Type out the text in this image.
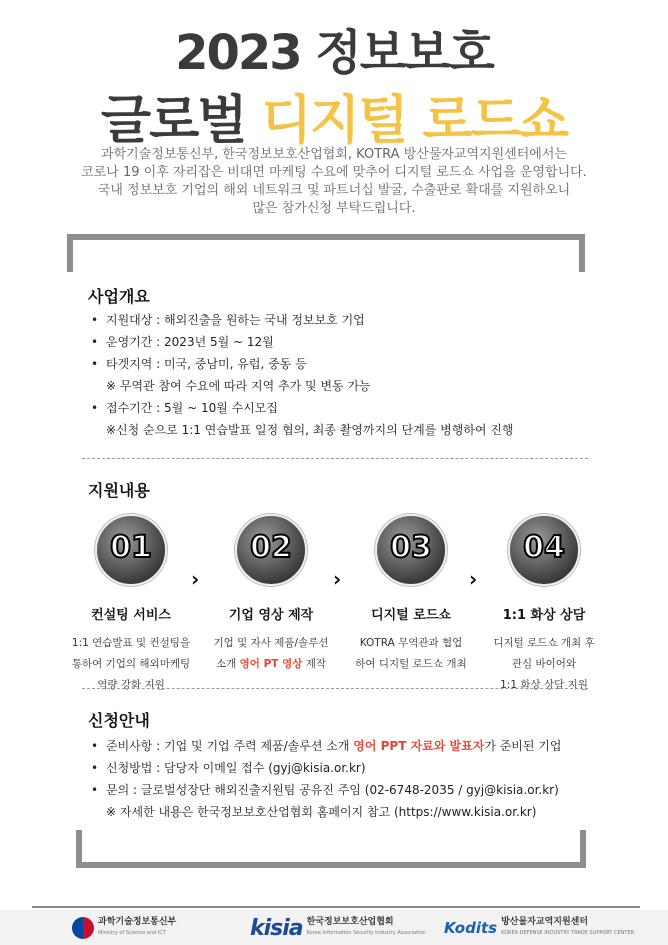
2023 정보보호
글로벌 디지털 로드쇼

과학기술정보통신부, 한국정보보호산업협회, KOTRA 방산물자교역지원센터에서는

코로나 19 이후 자리잡은 비대면 마케팅 수요에 맞추어 디지털 로드쇼 사업을 운영합니다.

국내 정보보호 기업의 해외 네트워크 및 파트너십 발굴, 수출판로 확대를 지원하오니

많은 참가신청 부탁드립니다.

사업개요
• 지원대상 : 해외진출을 원하는 국내 정보보호 기업
• 운영기간 : 2023년 5월 ~ 12월
• 타겟지역 : 미국, 중남미, 유럽, 중동 등
※ 무역관 참여 수요에 따라 지역 추가 및 변동 가능
• 접수기간 : 5월 ~ 10월 수시모집
※신청 순으로 1:1 연습발표 일정 협의, 최종 촬영까지의 단계를 병행하여 진행
지원내용
01
컨설팅 서비스

1:1 연습발표 및 컨설팅을

통하여 기업의 해외마케팅

역량 강화 지원

›
02
기업 영상 제작

기업 및 자사 제품/솔루션

소개 영어 PT 영상 제작

›
03
디지털 로드쇼

KOTRA 무역관과 협업

하여 디지털 로드쇼 개최

›
04
1:1 화상 상담

디지털 로드쇼 개최 후

관심 바이어와

1:1 화상 상담 지원

신청안내
• 준비사항 : 기업 및 기업 주력 제품/솔루션 소개 영어 PPT 자료와 발표자가 준비된 기업
• 신청방법 : 담당자 이메일 접수 (gyj@kisia.or.kr)
• 문의 : 글로벌성장단 해외진출지원팀 공유진 주임 (02-6748-2035 / gyj@kisia.or.kr)
※ 자세한 내용은 한국정보보호산업협회 홈페이지 참고 (https://www.kisia.or.kr)
과학기술정보통신부
Ministry of Science and ICT	kisia 한국정보보호산업협회
Korea Information Security Industry Association Kodits 방산물자교역지원센터
KOREA DEFENSE INDUSTRY TRADE SUPPORT CENTER
